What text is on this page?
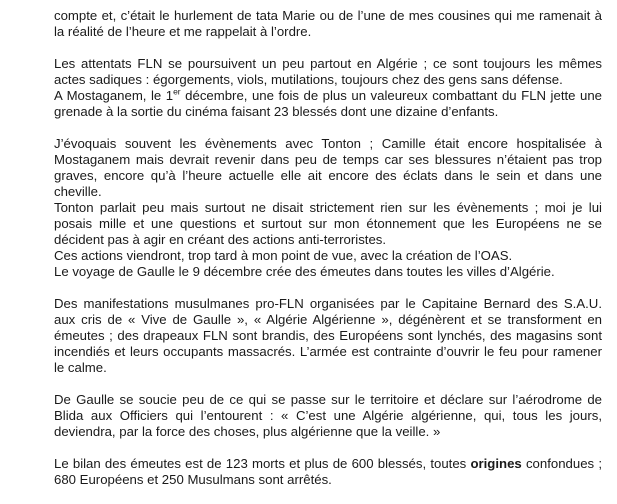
compte et, c’était le hurlement de tata Marie ou de l’une de mes cousines qui me ramenait à la réalité de l’heure et me rappelait à l’ordre.

Les attentats FLN se poursuivent un peu partout en Algérie ; ce sont toujours les mêmes actes sadiques : égorgements, viols, mutilations, toujours chez des gens sans défense.
A Mostaganem, le 1er décembre, une fois de plus un valeureux combattant du FLN jette une grenade à la sortie du cinéma faisant 23 blessés dont une dizaine d’enfants.
J’évoquais souvent les évènements avec Tonton ; Camille était encore hospitalisée à Mostaganem mais devrait revenir dans peu de temps car ses blessures n’étaient pas trop graves, encore qu’à l’heure actuelle elle ait encore des éclats dans le sein et dans une cheville.
Tonton parlait peu mais surtout ne disait strictement rien sur les évènements ; moi je lui posais mille et une questions et surtout sur mon étonnement que les Européens ne se décident pas à agir en créant des actions anti-terroristes.
Ces actions viendront, trop tard à mon point de vue, avec la création de l’OAS.
Le voyage de Gaulle le 9 décembre crée des émeutes dans toutes les villes d’Algérie.

Des manifestations musulmanes pro-FLN organisées par le Capitaine Bernard des S.A.U. aux cris de « Vive de Gaulle », « Algérie Algérienne », dégénèrent et se transforment en émeutes ; des drapeaux FLN sont brandis, des Européens sont lynchés, des magasins sont incendiés et leurs occupants massacrés. L’armée est contrainte d’ouvrir le feu pour ramener le calme.

De Gaulle se soucie peu de ce qui se passe sur le territoire et déclare sur l’aérodrome de Blida aux Officiers qui l’entourent : « C’est une Algérie algérienne, qui, tous les jours, deviendra, par la force des choses, plus algérienne que la veille. »

Le bilan des émeutes est de 123 morts et plus de 600 blessés, toutes origines confondues ; 680 Européens et 250 Musulmans sont arrêtés.
